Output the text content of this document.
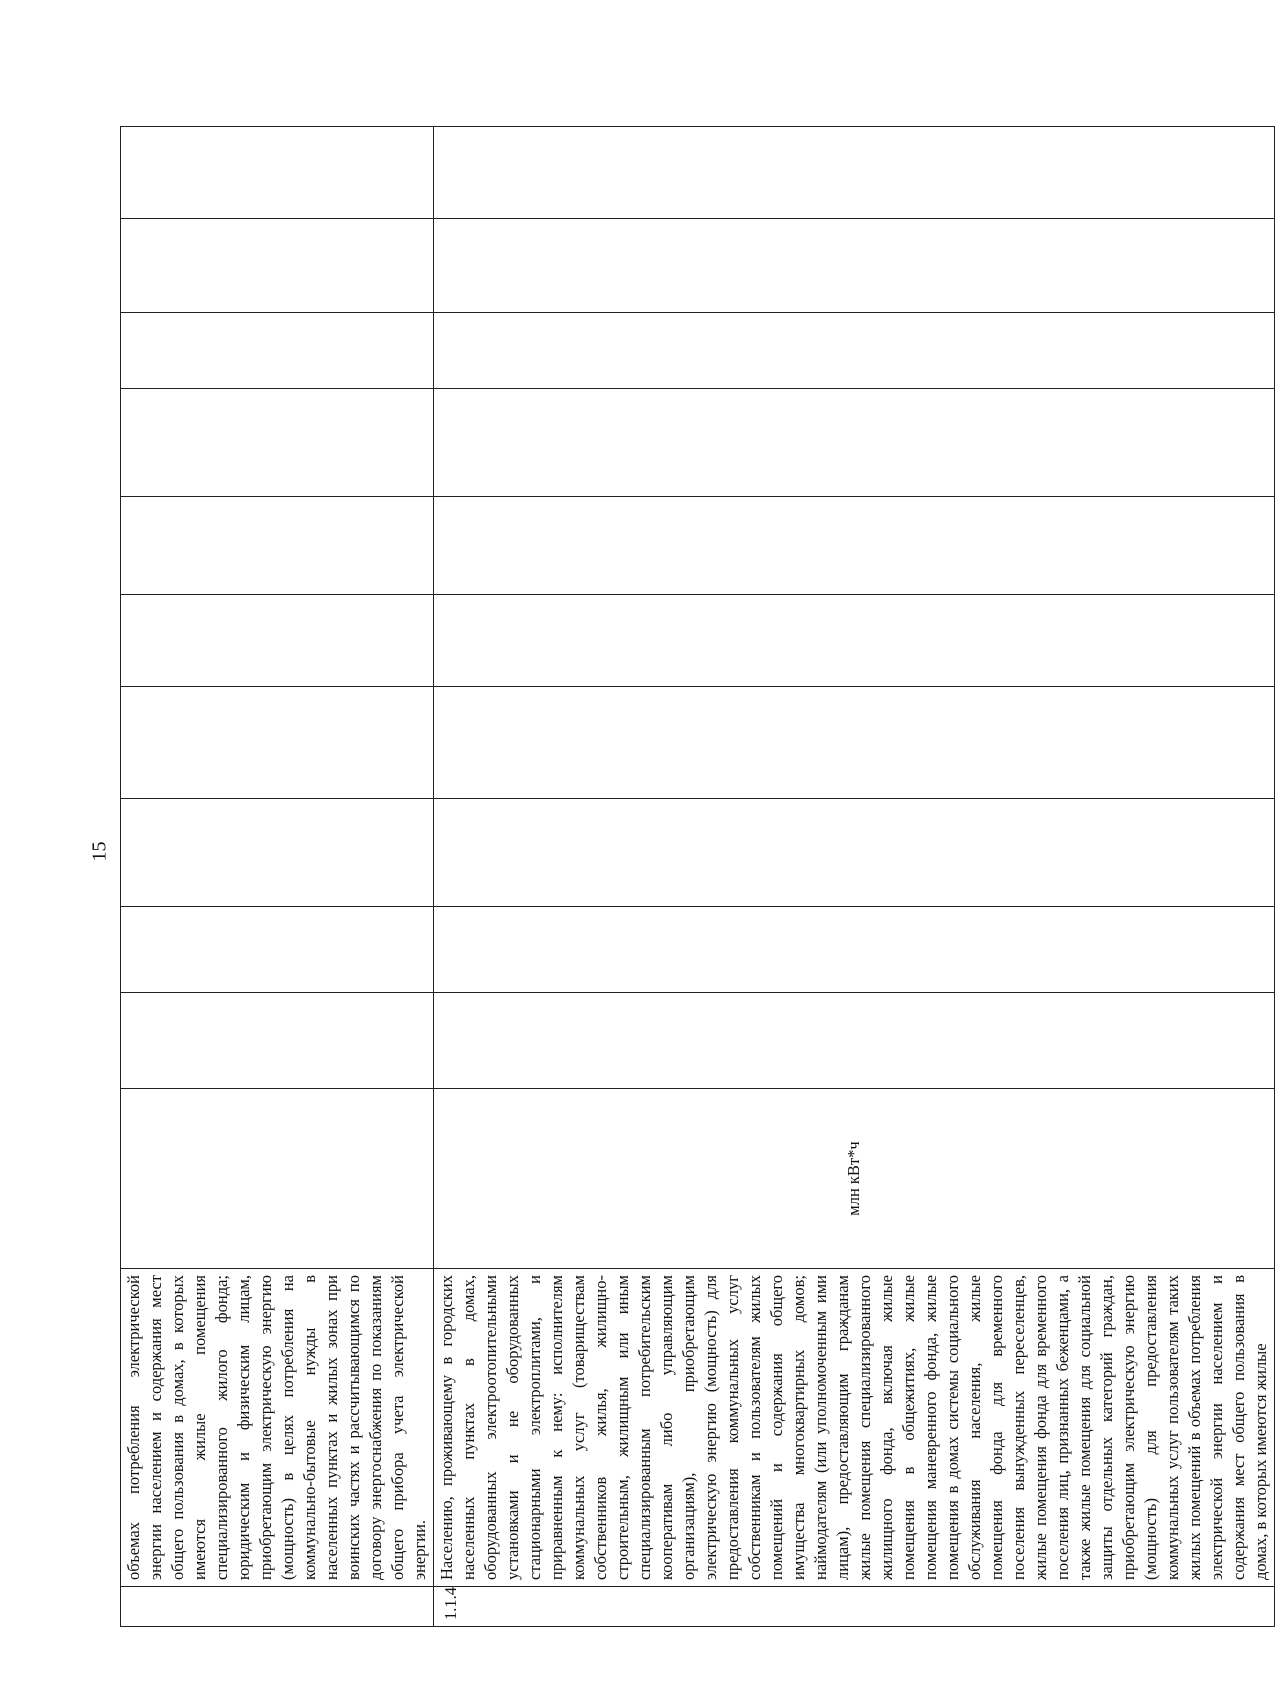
15
	объемах потребления электрической энергии населением и содержания мест общего пользования в домах, в которых имеются жилые помещения специализированного жилого фонда; юридическим и физическим лицам, приобретающим электрическую энергию (мощность) в целях потребления на коммунально-бытовые нужды в населенных пунктах и жилых зонах при воинских частях и рассчитывающимся по договору энергоснабжения по показаниям общего прибора учета электрической энергии.											
1.1.4	Населению, проживающему в городских населенных пунктах в домах, оборудованных электроотопительными установками и не оборудованных стационарными электроплитами, и приравненным к нему: исполнителям коммунальных услуг (товариществам собственников жилья, жилищно-строительным, жилищным или иным специализированным потребительским кооперативам либо управляющим организациям), приобретающим электрическую энергию (мощность) для предоставления коммунальных услуг собственникам и пользователям жилых помещений и содержания общего имущества многоквартирных домов; наймодателям (или уполномоченным ими лицам), предоставляющим гражданам жилые помещения специализированного жилищного фонда, включая жилые помещения в общежитиях, жилые помещения маневренного фонда, жилые помещения в домах системы социального обслуживания населения, жилые помещения фонда для временного поселения вынужденных переселенцев, жилые помещения фонда для временного поселения лиц, признанных беженцами, а также жилые помещения для социальной защиты отдельных категорий граждан, приобретающим электрическую энергию (мощность) для предоставления коммунальных услуг пользователям таких жилых помещений в объемах потребления электрической энергии населением и содержания мест общего пользования в домах, в которых имеются жилые	млн кВт*ч										
